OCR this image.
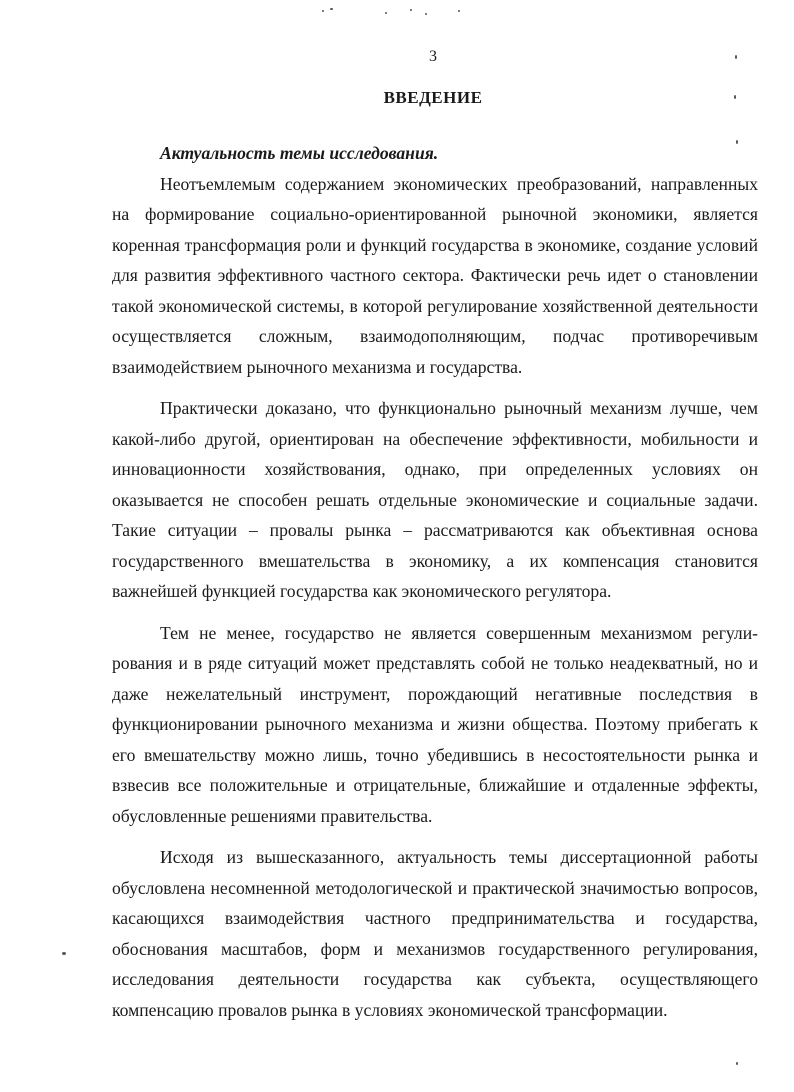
3
ВВЕДЕНИЕ

Актуальность темы исследования.

Неотъемлемым содержанием экономических преобразований, направленных на формирование социально-ориентированной рыночной экономики, является коренная трансформация роли и функций государства в экономике, создание условий для развития эффективного частного сектора. Фактически речь идет о становлении такой экономической системы, в которой регулирование хозяйственной деятельности осуществляется сложным, взаимодополняющим, подчас противоречивым взаимодействием рыночного механизма и государства.

Практически доказано, что функционально рыночный механизм лучше, чем какой-либо другой, ориентирован на обеспечение эффективности, мобильности и инновационности хозяйствования, однако, при определенных условиях он оказывается не способен решать отдельные экономические и социальные задачи. Такие ситуации – провалы рынка – рассматриваются как объективная основа государственного вмешательства в экономику, а их компенсация становится важнейшей функцией государства как экономического регулятора.

Тем не менее, государство не является совершенным механизмом регулирования и в ряде ситуаций может представлять собой не только неадекватный, но и даже нежелательный инструмент, порождающий негативные последствия в функционировании рыночного механизма и жизни общества. Поэтому прибегать к его вмешательству можно лишь, точно убедившись в несостоятельности рынка и взвесив все положительные и отрицательные, ближайшие и отдаленные эффекты, обусловленные решениями правительства.

Исходя из вышесказанного, актуальность темы диссертационной работы обусловлена несомненной методологической и практической значимостью вопросов, касающихся взаимодействия частного предпринимательства и государства, обоснования масштабов, форм и механизмов государственного регулирования, исследования деятельности государства как субъекта, осуществляющего компенсацию провалов рынка в условиях экономической трансформации.
